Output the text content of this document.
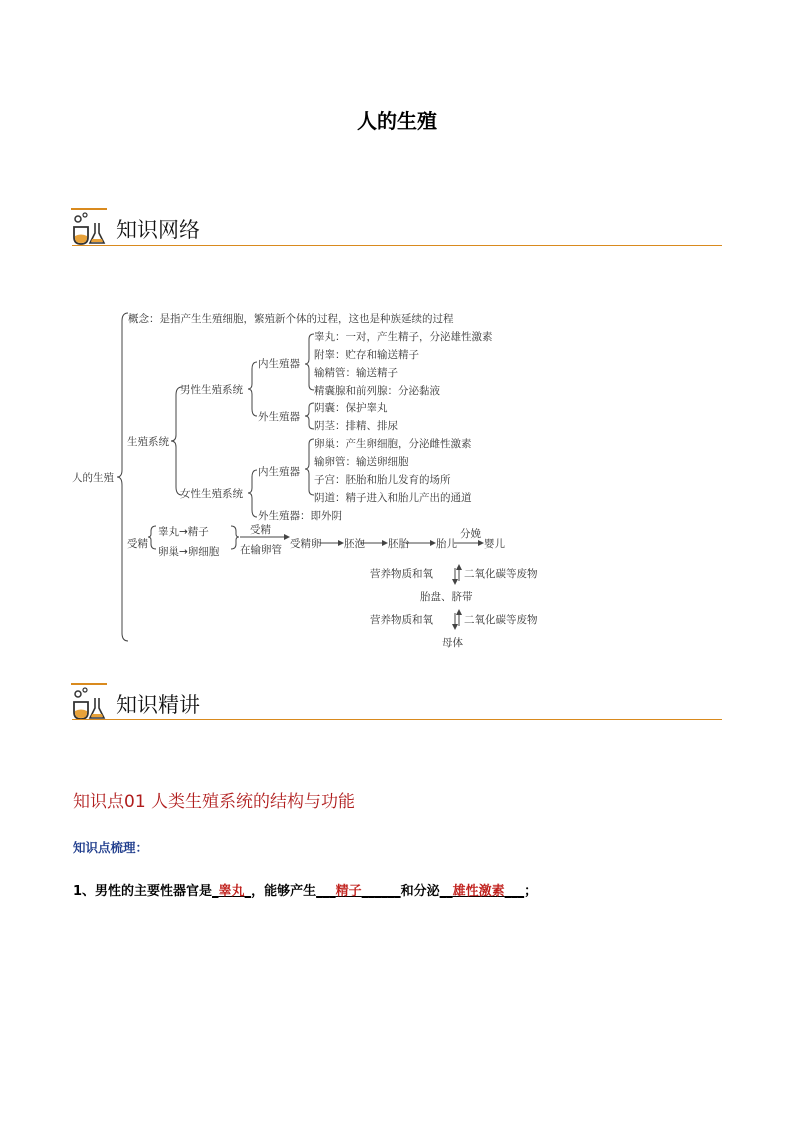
人的生殖
知识网络
人的生殖
概念：是指产生生殖细胞，繁殖新个体的过程，这也是种族延续的过程
生殖系统
男性生殖系统
女性生殖系统
内生殖器
外生殖器
睾丸：一对，产生精子，分泌雄性激素
附睾：贮存和输送精子
输精管：输送精子
精囊腺和前列腺：分泌黏液
阴囊：保护睾丸
阴茎：排精、排尿
内生殖器
卵巢：产生卵细胞，分泌雌性激素
输卵管：输送卵细胞
子宫：胚胎和胎儿发育的场所
阴道：精子进入和胎儿产出的通道
外生殖器：即外阴
受精
睾丸→精子
卵巢→卵细胞
受精
在输卵管 受精卵 胚泡 胚胎	胎儿
分娩
婴儿
营养物质和氧	二氧化碳等废物
胎盘、脐带
营养物质和氧	二氧化碳等废物
母体
知识精讲
知识点01 人类生殖系统的结构与功能
知识点梳理：
1、男性的主要性器官是_睾丸_，能够产生___精子______和分泌__雄性激素___；
